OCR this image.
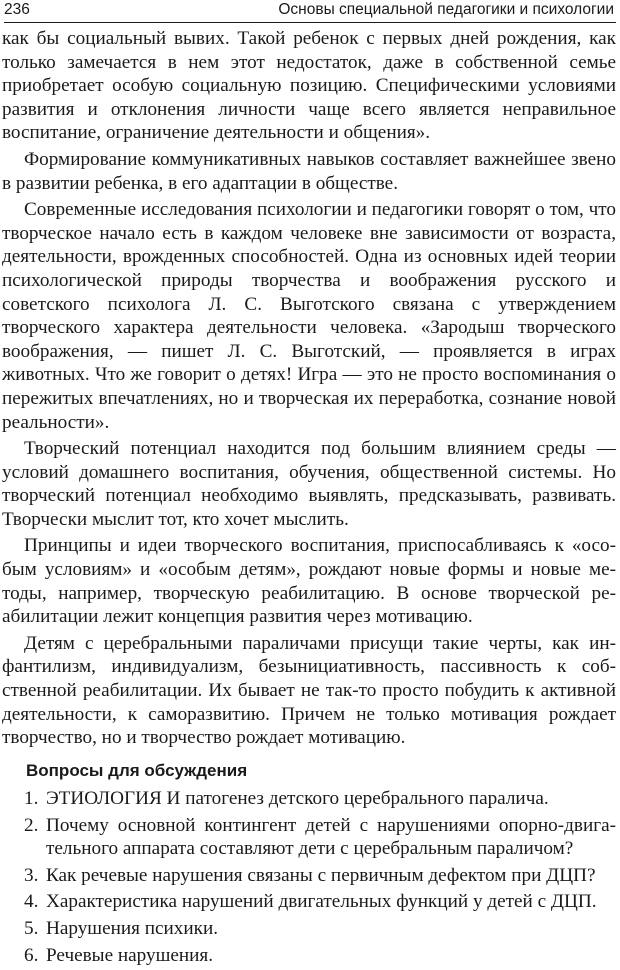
236	Основы специальной педагогики и психологии

как бы социальный вывих. Такой ребенок с первых дней рождения, как только замечается в нем этот недостаток, даже в собственной семье приобретает особую социальную позицию. Специфическими условиями развития и отклонения личности чаще всего является неправильное воспитание, ограничение деятельности и общения».

Формирование коммуникативных навыков составляет важнейшее звено в развитии ребенка, в его адаптации в обществе.

Современные исследования психологии и педагогики говорят о том, что творческое начало есть в каждом человеке вне зависимости от возраста, деятельности, врожденных способностей. Одна из основных идей теории психологической природы творчества и воображения русского и советского психолога Л. С. Выготского связана с утверждением творческого характера деятельности человека. «Зародыш творческого воображения, — пишет Л. С. Выготский, — проявляется в играх животных. Что же говорит о детях! Игра — это не просто воспоминания о пережитых впечатлениях, но и творческая их переработка, сознание новой реальности».

Творческий потенциал находится под большим влиянием среды — условий домашнего воспитания, обучения, общественной системы. Но творческий потенциал необходимо выявлять, предсказывать, развивать. Творчески мыслит тот, кто хочет мыслить.

Принципы и идеи творческого воспитания, приспосабливаясь к «особым условиям» и «особым детям», рождают новые формы и новые методы, например, творческую реабилитацию. В основе творческой реабилитации лежит концепция развития через мотивацию.

Детям с церебральными параличами присущи такие черты, как инфантилизм, индивидуализм, безынициативность, пассивность к собственной реабилитации. Их бывает не так-то просто побудить к активной деятельности, к саморазвитию. Причем не только мотивация рождает творчество, но и творчество рождает мотивацию.

Вопросы для обсуждения
1. ЭТИОЛОГИЯ И патогенез детского церебрального паралича.
2. Почему основной контингент детей с нарушениями опорно-двигательного аппарата составляют дети с церебральным параличом?
3. Как речевые нарушения связаны с первичным дефектом при ДЦП?
4. Характеристика нарушений двигательных функций у детей с ДЦП.
5. Нарушения психики.
6. Речевые нарушения.
